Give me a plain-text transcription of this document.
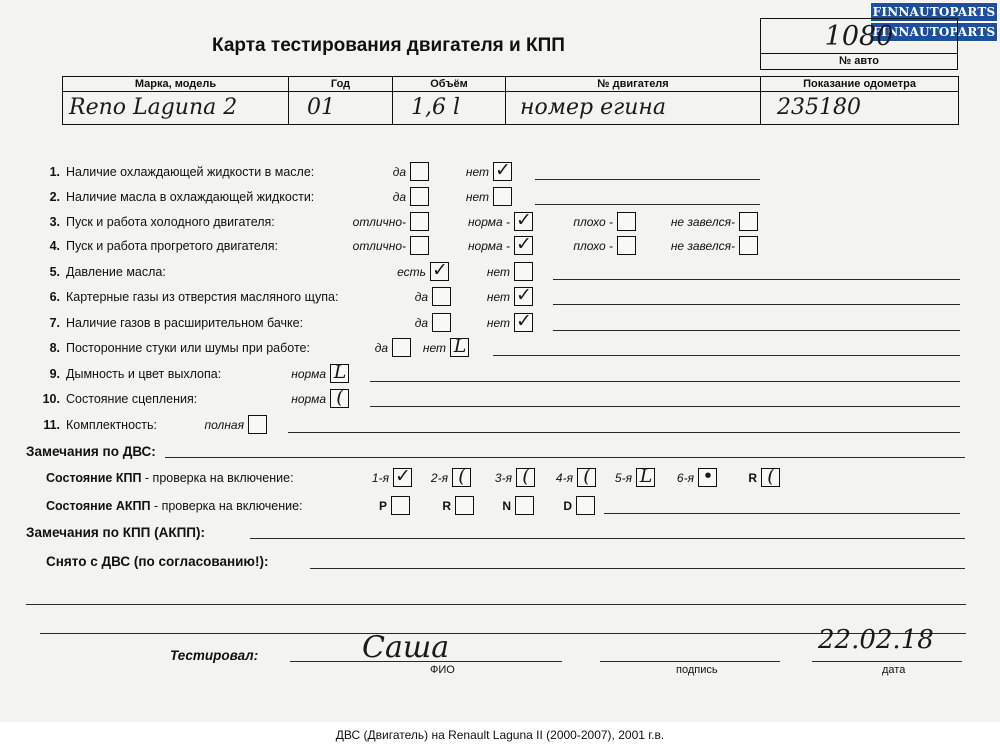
FINNAUTOPARTS
FINNAUTOPARTS
Карта тестирования двигателя и КПП	1080
№ авто
Марка, модель	Год	Объём	№ двигателя	Показание одометра
Reno Laguna 2	01	1,6 l	номер егина	235180
1. Наличие охлаждающей жидкости в масле:	да	нет ✓
2. Наличие масла в охлаждающей жидкости:	да	нет
3. Пуск и работа холодного двигателя:	отлично-	норма - ✓	плохо -	не завелся-
4. Пуск и работа прогретого двигателя:	отлично-	норма - ✓	плохо -	не завелся-
5. Давление масла:	есть ✓	нет
6. Картерные газы из отверстия масляного щупа:	да	нет ✓
7. Наличие газов в расширительном бачке:	да	нет ✓
8. Посторонние стуки или шумы при работе:	да	нет L
9. Дымность и цвет выхлопа:	норма L
10. Состояние сцепления:	норма (
11. Комплектность:	полная
Замечания по ДВС:
Состояние КПП - проверка на включение:	1-я ✓ 2-я (	3-я (	4-я (	5-я L	6-я •	R (
Состояние АКПП - проверка на включение:	P	R	N	D
Замечания по КПП (АКПП):
Снято с ДВС (по согласованию!):
Тестировал:	Саша	22.02.18
ФИО	подпись	дата
ДВС (Двигатель) на Renault Laguna II (2000-2007), 2001 г.в.
